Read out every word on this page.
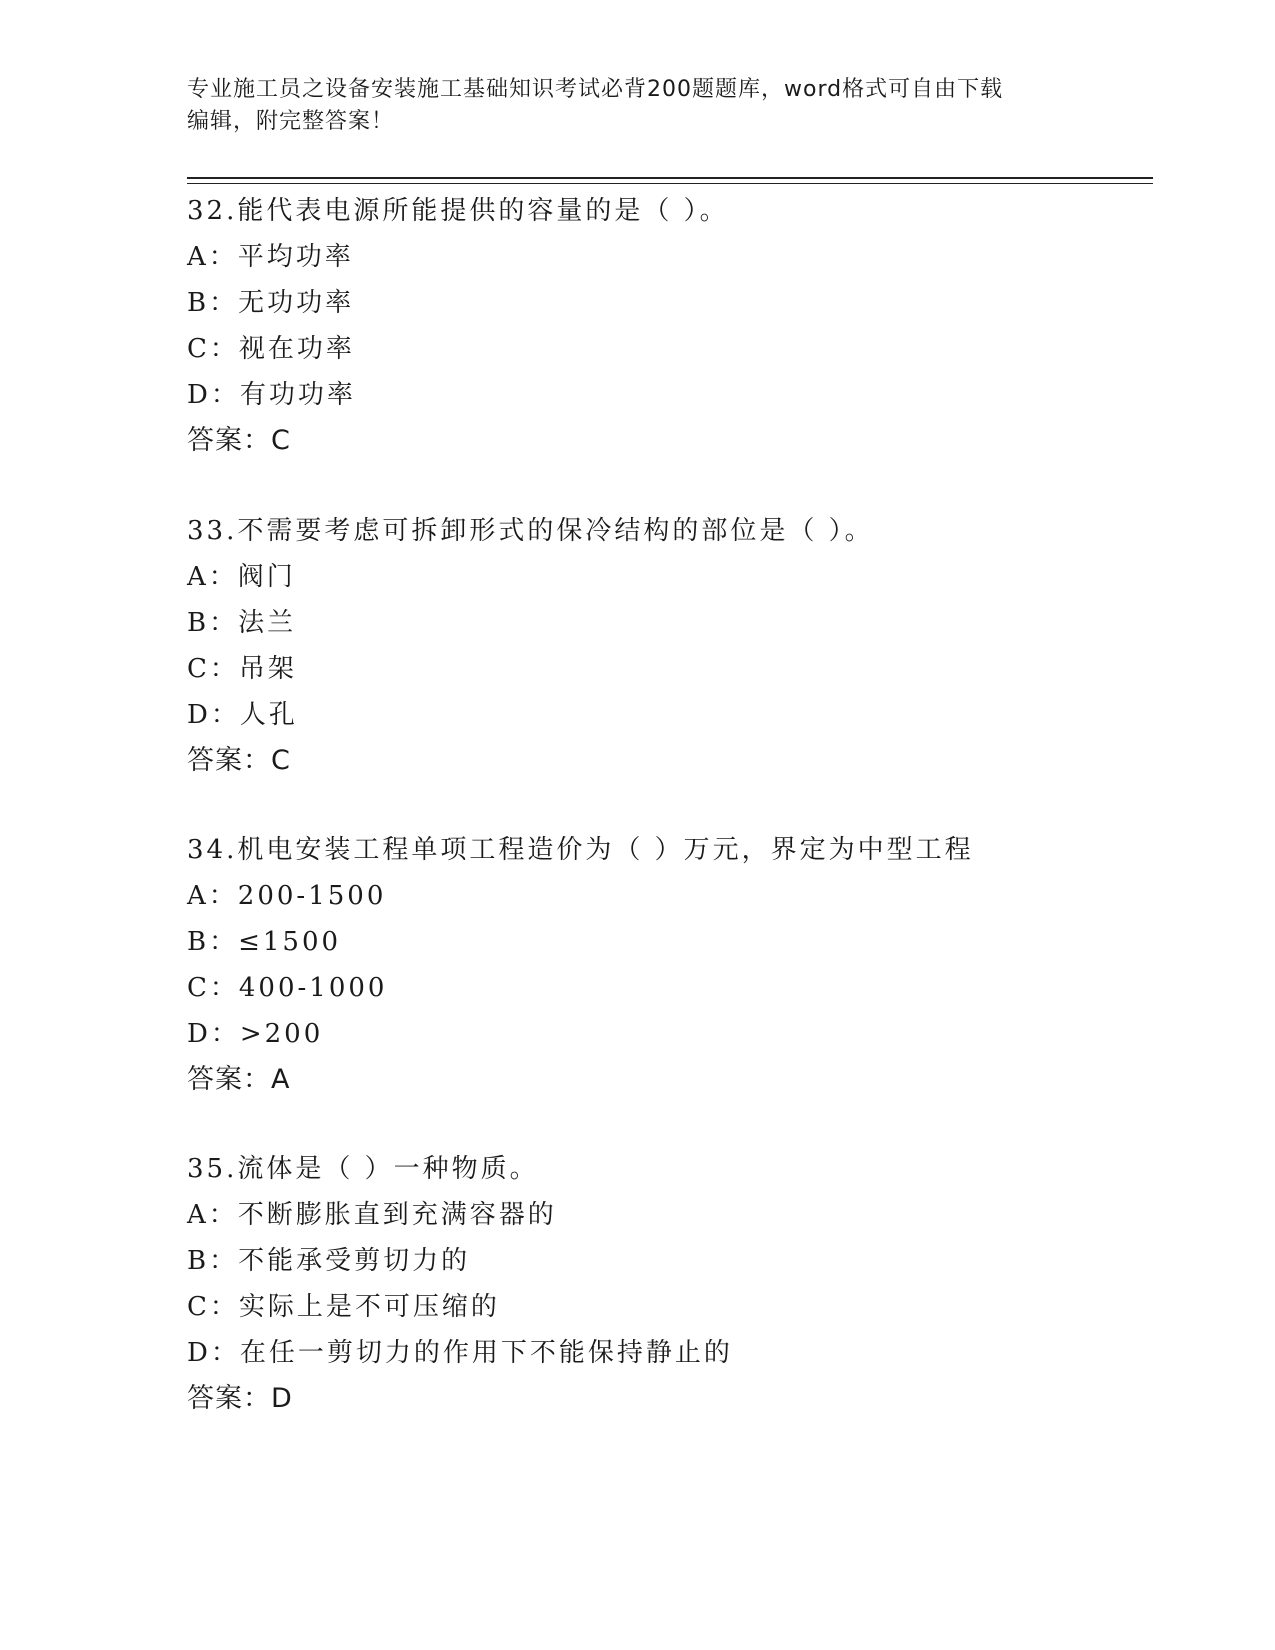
专业施工员之设备安装施工基础知识考试必背200题题库，word格式可自由下载
编辑，附完整答案！
32.能代表电源所能提供的容量的是（ ）。
A：平均功率
B：无功功率
C：视在功率
D：有功功率
答案：C
33.不需要考虑可拆卸形式的保冷结构的部位是（ ）。
A：阀门
B：法兰
C：吊架
D：人孔
答案：C
34.机电安装工程单项工程造价为（ ）万元，界定为中型工程
A：200-1500
B：≤1500
C：400-1000
D：>200
答案：A
35.流体是（ ）一种物质。
A：不断膨胀直到充满容器的
B：不能承受剪切力的
C：实际上是不可压缩的
D：在任一剪切力的作用下不能保持静止的
答案：D
